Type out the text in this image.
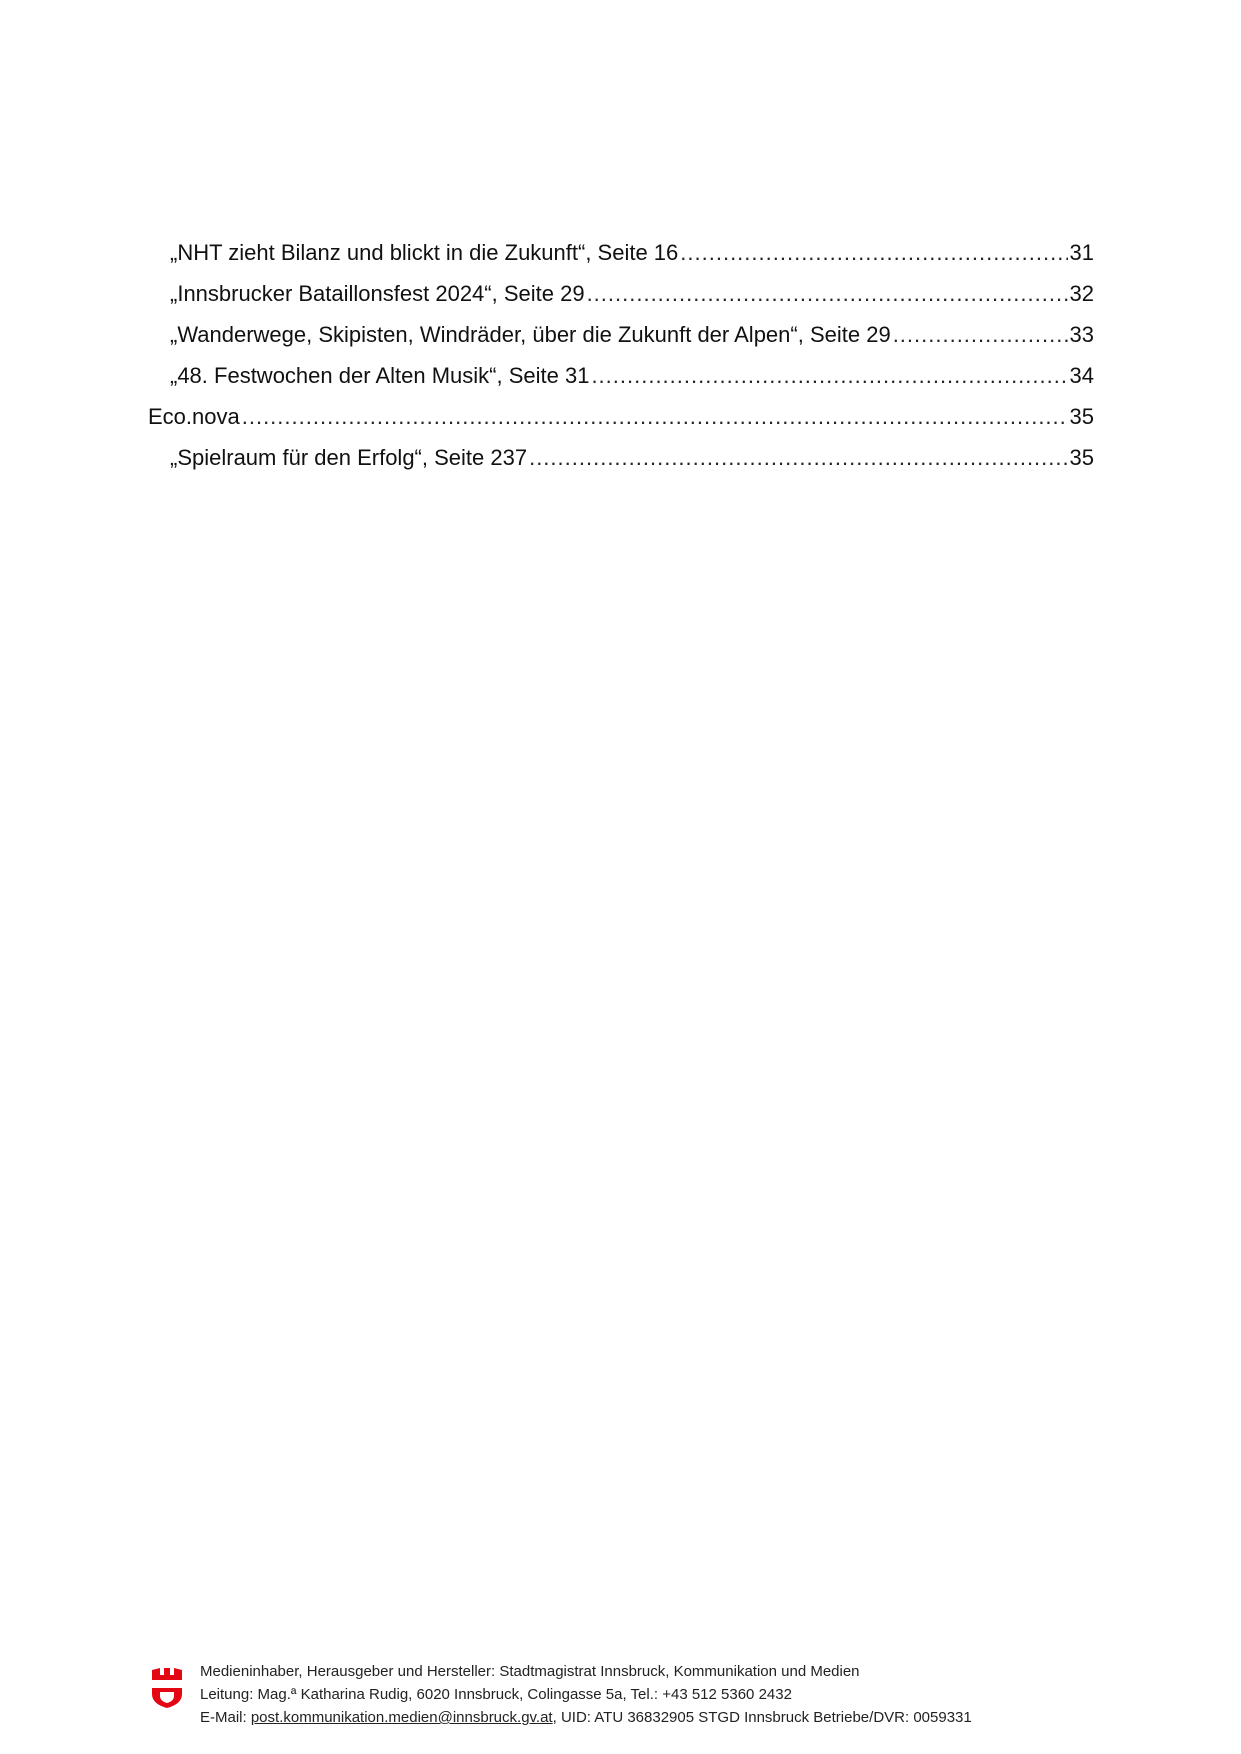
„NHT zieht Bilanz und blickt in die Zukunft“, Seite 16 .....	31
„Innsbrucker Bataillonsfest 2024“, Seite 29 .....	32
„Wanderwege, Skipisten, Windräder, über die Zukunft der Alpen“, Seite 29 .....	33
„48. Festwochen der Alten Musik“, Seite 31 .....	34
Eco.nova .....	35
„Spielraum für den Erfolg“, Seite 237 .....	35
Medieninhaber, Herausgeber und Hersteller: Stadtmagistrat Innsbruck, Kommunikation und Medien
Leitung: Mag.ª Katharina Rudig, 6020 Innsbruck, Colingasse 5a, Tel.: +43 512 5360 2432
E-Mail: post.kommunikation.medien@innsbruck.gv.at, UID: ATU 36832905 STGD Innsbruck Betriebe/DVR: 0059331
